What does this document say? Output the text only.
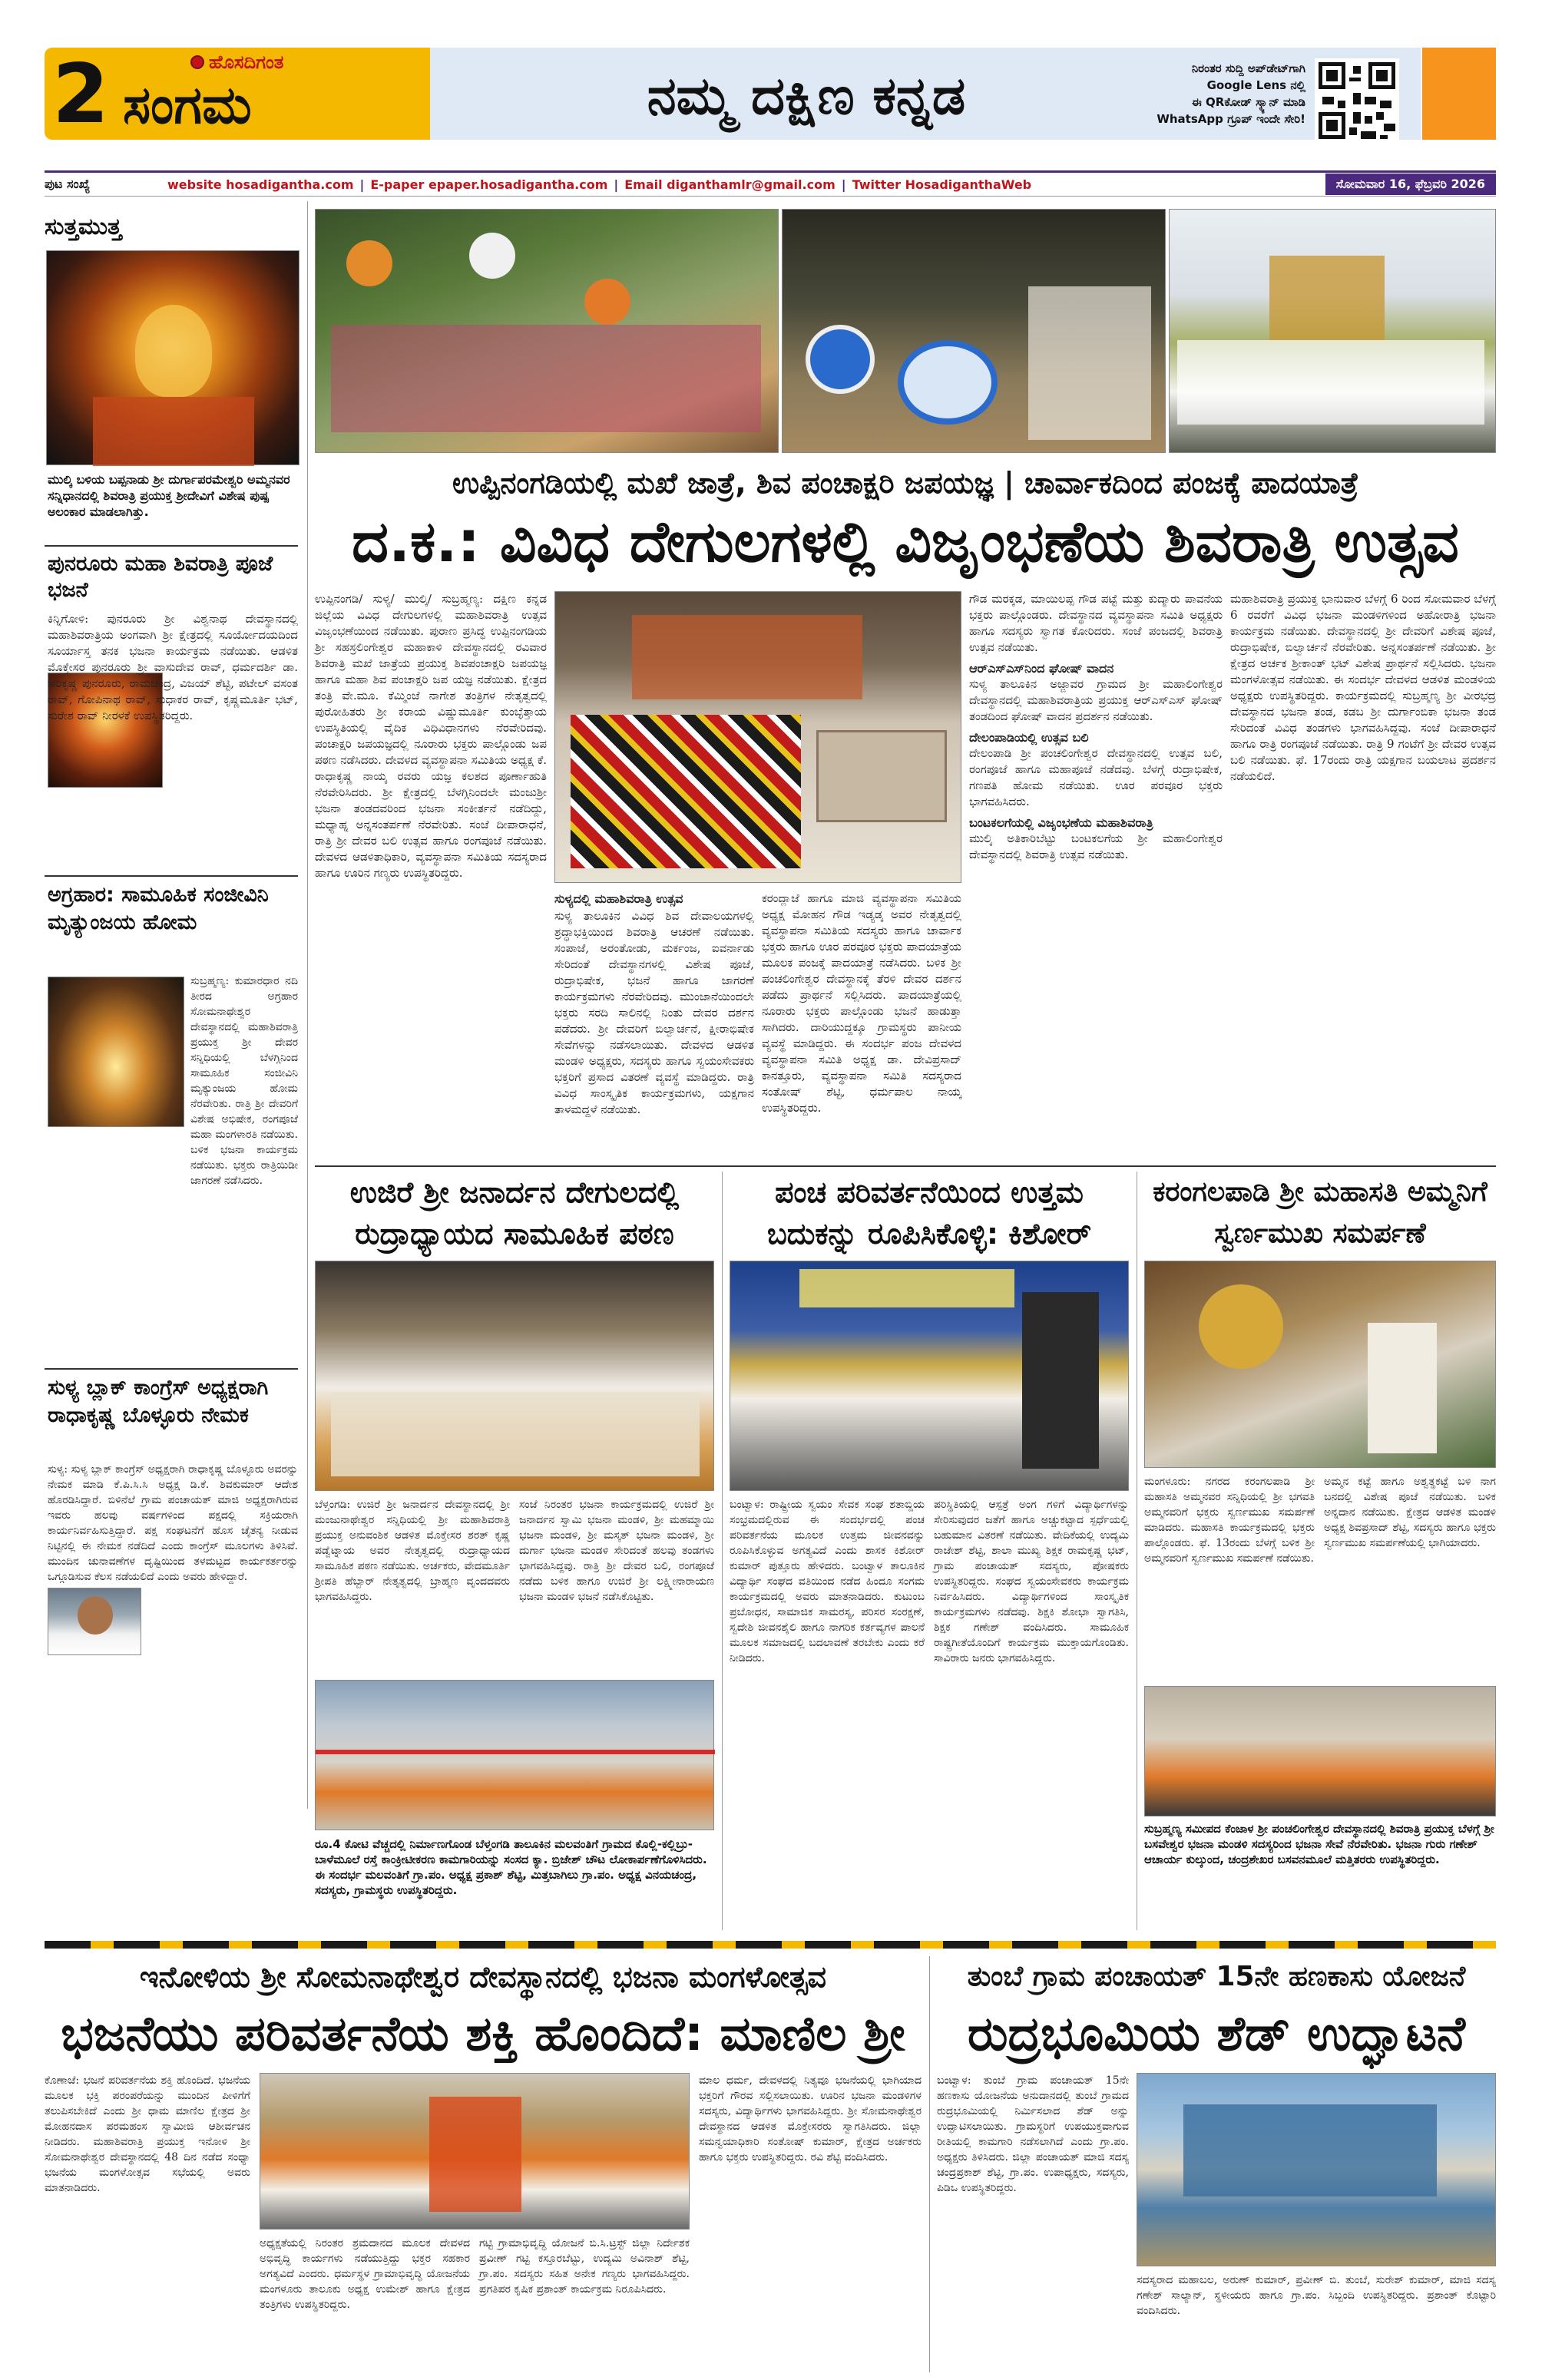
2	ಹೊಸದಿಗಂತ
ಸಂಗಮ	ನಮ್ಮ ದಕ್ಷಿಣ ಕನ್ನಡ	ನಿರಂತರ ಸುದ್ದಿ ಅಪ್‌ಡೇಟ್‌ಗಾಗಿ
Google Lens ನಲ್ಲಿ
ಈ QRಕೋಡ್ ಸ್ಕ್ಯಾನ್ ಮಾಡಿ
WhatsApp ಗ್ರೂಪ್ ಇಂದೇ ಸೇರಿ!
ಪುಟ ಸಂಖ್ಯೆ	website hosadigantha.com | E-paper epaper.hosadigantha.com | Email diganthamlr@gmail.com | Twitter HosadiganthaWeb	ಸೋಮವಾರ 16, ಫೆಬ್ರವರಿ 2026
ಸುತ್ತಮುತ್ತ
ಮುಲ್ಕಿ ಬಳಿಯ ಬಪ್ಪನಾಡು ಶ್ರೀ ದುರ್ಗಾಪರಮೇಶ್ವರಿ ಅಮ್ಮನವರ ಸನ್ನಿಧಾನದಲ್ಲಿ ಶಿವರಾತ್ರಿ ಪ್ರಯುಕ್ತ ಶ್ರೀದೇವಿಗೆ ವಿಶೇಷ ಪುಷ್ಪ ಅಲಂಕಾರ ಮಾಡಲಾಗಿತ್ತು.
ಪುನರೂರು ಮಹಾ ಶಿವರಾತ್ರಿ ಪೂಜೆ ಭಜನೆ
ಕಿನ್ನಿಗೋಳಿ: ಪುನರೂರು ಶ್ರೀ ವಿಶ್ವನಾಥ ದೇವಸ್ಥಾನದಲ್ಲಿ ಮಹಾಶಿವರಾತ್ರಿಯ ಅಂಗವಾಗಿ ಶ್ರೀ ಕ್ಷೇತ್ರದಲ್ಲಿ ಸೂರ್ಯೋದಯದಿಂದ ಸೂರ್ಯಾಸ್ತ ತನಕ ಭಜನಾ ಕಾರ್ಯಕ್ರಮ ನಡೆಯಿತು. ಆಡಳಿತ ಮೊಕ್ತೇಸರ ಪುನರೂರು ಶ್ರೀ ವಾಸುದೇವ ರಾವ್, ಧರ್ಮದರ್ಶಿ ಡಾ. ಹರಿಕೃಷ್ಣ ಪುನರೂರು, ರಾಮಚಂದ್ರ, ವಿಜಯ್ ಶೆಟ್ಟಿ, ಪಟೇಲ್ ವಸಂತ ರಾವ್, ಗೋಪಿನಾಥ ರಾವ್, ಸುಧಾಕರ ರಾವ್, ಕೃಷ್ಣಮೂರ್ತಿ ಭಟ್, ಸುರೇಶ ರಾವ್ ನೀರಳಕೆ ಉಪಸ್ಥಿತರಿದ್ದರು.
ಅಗ್ರಹಾರ: ಸಾಮೂಹಿಕ ಸಂಜೀವಿನಿ ಮೃತ್ಯುಂಜಯ ಹೋಮ
ಸುಬ್ರಹ್ಮಣ್ಯ: ಕುಮಾರಧಾರ ನದಿ ತೀರದ ಅಗ್ರಹಾರ ಸೋಮನಾಥೇಶ್ವರ ದೇವಸ್ಥಾನದಲ್ಲಿ ಮಹಾಶಿವರಾತ್ರಿ ಪ್ರಯುಕ್ತ ಶ್ರೀ ದೇವರ ಸನ್ನಿಧಿಯಲ್ಲಿ ಬೆಳಗ್ಗಿನಿಂದ ಸಾಮೂಹಿಕ ಸಂಜೀವಿನಿ ಮೃತ್ಯುಂಜಯ ಹೋಮ ನೆರವೇರಿತು. ರಾತ್ರಿ ಶ್ರೀ ದೇವರಿಗೆ ವಿಶೇಷ ಅಭಿಷೇಕ, ರಂಗಪೂಜೆ ಮಹಾ ಮಂಗಳಾರತಿ ನಡೆಯಿತು. ಬಳಿಕ ಭಜನಾ ಕಾರ್ಯಕ್ರಮ ನಡೆಯಿತು. ಭಕ್ತರು ರಾತ್ರಿಯಿಡೀ ಜಾಗರಣೆ ನಡೆಸಿದರು.
ಸುಳ್ಯ ಬ್ಲಾಕ್ ಕಾಂಗ್ರೆಸ್ ಅಧ್ಯಕ್ಷರಾಗಿ ರಾಧಾಕೃಷ್ಣ ಬೊಳ್ಳೂರು ನೇಮಕ
ಸುಳ್ಯ: ಸುಳ್ಯ ಬ್ಲಾಕ್ ಕಾಂಗ್ರೆಸ್ ಅಧ್ಯಕ್ಷರಾಗಿ ರಾಧಾಕೃಷ್ಣ ಬೊಳ್ಳೂರು ಅವರನ್ನು ನೇಮಕ ಮಾಡಿ ಕೆ.ಪಿ.ಸಿ.ಸಿ ಅಧ್ಯಕ್ಷ ಡಿ.ಕೆ. ಶಿವಕುಮಾರ್ ಆದೇಶ ಹೊರಡಿಸಿದ್ದಾರೆ. ಬಿಳಿನೆಲೆ ಗ್ರಾಮ ಪಂಚಾಯತ್ ಮಾಜಿ ಅಧ್ಯಕ್ಷರಾಗಿರುವ ಇವರು ಹಲವು ವರ್ಷಗಳಿಂದ ಪಕ್ಷದಲ್ಲಿ ಸಕ್ರಿಯರಾಗಿ ಕಾರ್ಯನಿರ್ವಹಿಸುತ್ತಿದ್ದಾರೆ. ಪಕ್ಷ ಸಂಘಟನೆಗೆ ಹೊಸ ಚೈತನ್ಯ ನೀಡುವ ನಿಟ್ಟಿನಲ್ಲಿ ಈ ನೇಮಕ ನಡೆದಿದೆ ಎಂದು ಕಾಂಗ್ರೆಸ್ ಮೂಲಗಳು ತಿಳಿಸಿವೆ. ಮುಂದಿನ ಚುನಾವಣೆಗಳ ದೃಷ್ಟಿಯಿಂದ ತಳಮಟ್ಟದ ಕಾರ್ಯಕರ್ತರನ್ನು ಒಗ್ಗೂಡಿಸುವ ಕೆಲಸ ನಡೆಯಲಿದೆ ಎಂದು ಅವರು ಹೇಳಿದ್ದಾರೆ.
ಉಪ್ಪಿನಂಗಡಿಯಲ್ಲಿ ಮಖೆ ಜಾತ್ರೆ, ಶಿವ ಪಂಚಾಕ್ಷರಿ ಜಪಯಜ್ಞ | ಚಾರ್ವಾಕದಿಂದ ಪಂಜಕ್ಕೆ ಪಾದಯಾತ್ರೆ
ದ.ಕ.: ವಿವಿಧ ದೇಗುಲಗಳಲ್ಲಿ ವಿಜೃಂಭಣೆಯ ಶಿವರಾತ್ರಿ ಉತ್ಸವ
ಉಪ್ಪಿನಂಗಡಿ/ ಸುಳ್ಯ/ ಮುಲ್ಕಿ/ ಸುಬ್ರಹ್ಮಣ್ಯ: ದಕ್ಷಿಣ ಕನ್ನಡ ಜಿಲ್ಲೆಯ ವಿವಿಧ ದೇಗುಲಗಳಲ್ಲಿ ಮಹಾಶಿವರಾತ್ರಿ ಉತ್ಸವ ವಿಜೃಂಭಣೆಯಿಂದ ನಡೆಯಿತು. ಪುರಾಣ ಪ್ರಸಿದ್ಧ ಉಪ್ಪಿನಂಗಡಿಯ ಶ್ರೀ ಸಹಸ್ರಲಿಂಗೇಶ್ವರ ಮಹಾಕಾಳಿ ದೇವಸ್ಥಾನದಲ್ಲಿ ರವಿವಾರ ಶಿವರಾತ್ರಿ ಮಖೆ ಜಾತ್ರೆಯ ಪ್ರಯುಕ್ತ ಶಿವಪಂಚಾಕ್ಷರಿ ಜಪಯಜ್ಞ ಹಾಗೂ ಮಹಾ ಶಿವ ಪಂಚಾಕ್ಷರಿ ಜಪ ಯಜ್ಞ ನಡೆಯಿತು. ಕ್ಷೇತ್ರದ ತಂತ್ರಿ ವೇ.ಮೂ. ಕೆಮ್ಮಿಂಜೆ ನಾಗೇಶ ತಂತ್ರಿಗಳ ನೇತೃತ್ವದಲ್ಲಿ ಪುರೋಹಿತರು ಶ್ರೀ ಕರಾಯ ವಿಷ್ಣುಮೂರ್ತಿ ಕುಂಬ್ಳೆತ್ತಾಯ ಉಪಸ್ಥಿತಿಯಲ್ಲಿ ವೈದಿಕ ವಿಧಿವಿಧಾನಗಳು ನೆರವೇರಿದವು. ಪಂಚಾಕ್ಷರಿ ಜಪಯಜ್ಞದಲ್ಲಿ ನೂರಾರು ಭಕ್ತರು ಪಾಲ್ಗೊಂಡು ಜಪ ಪಠಣ ನಡೆಸಿದರು. ದೇವಳದ ವ್ಯವಸ್ಥಾಪನಾ ಸಮಿತಿಯ ಅಧ್ಯಕ್ಷ ಕೆ. ರಾಧಾಕೃಷ್ಣ ನಾಯ್ಕ ರವರು ಯಜ್ಞ ಕಲಶದ ಪೂರ್ಣಾಹುತಿ ನೆರವೇರಿಸಿದರು. ಶ್ರೀ ಕ್ಷೇತ್ರದಲ್ಲಿ ಬೆಳಗ್ಗಿನಿಂದಲೇ ಮಂಜುಶ್ರೀ ಭಜನಾ ತಂಡದವರಿಂದ ಭಜನಾ ಸಂಕೀರ್ತನೆ ನಡೆದಿದ್ದು, ಮಧ್ಯಾಹ್ನ ಅನ್ನಸಂತರ್ಪಣೆ ನೆರವೇರಿತು. ಸಂಜೆ ದೀಪಾರಾಧನೆ, ರಾತ್ರಿ ಶ್ರೀ ದೇವರ ಬಲಿ ಉತ್ಸವ ಹಾಗೂ ರಂಗಪೂಜೆ ನಡೆಯಿತು. ದೇವಳದ ಆಡಳಿತಾಧಿಕಾರಿ, ವ್ಯವಸ್ಥಾಪನಾ ಸಮಿತಿಯ ಸದಸ್ಯರಾದ ಹಾಗೂ ಊರಿನ ಗಣ್ಯರು ಉಪಸ್ಥಿತರಿದ್ದರು.
ಸುಳ್ಯದಲ್ಲಿ ಮಹಾಶಿವರಾತ್ರಿ ಉತ್ಸವ
ಸುಳ್ಯ ತಾಲೂಕಿನ ವಿವಿಧ ಶಿವ ದೇವಾಲಯಗಳಲ್ಲಿ ಶ್ರದ್ಧಾಭಕ್ತಿಯಿಂದ ಶಿವರಾತ್ರಿ ಆಚರಣೆ ನಡೆಯಿತು. ಸಂಪಾಜೆ, ಅರಂತೋಡು, ಮರ್ಕಂಜ, ಐವರ್ನಾಡು ಸೇರಿದಂತೆ ದೇವಸ್ಥಾನಗಳಲ್ಲಿ ವಿಶೇಷ ಪೂಜೆ, ರುದ್ರಾಭಿಷೇಕ, ಭಜನೆ ಹಾಗೂ ಜಾಗರಣೆ ಕಾರ್ಯಕ್ರಮಗಳು ನೆರವೇರಿದವು. ಮುಂಜಾನೆಯಿಂದಲೇ ಭಕ್ತರು ಸರದಿ ಸಾಲಿನಲ್ಲಿ ನಿಂತು ದೇವರ ದರ್ಶನ ಪಡೆದರು. ಶ್ರೀ ದೇವರಿಗೆ ಬಿಲ್ವಾರ್ಚನೆ, ಕ್ಷೀರಾಭಿಷೇಕ ಸೇವೆಗಳನ್ನು ನಡೆಸಲಾಯಿತು. ದೇವಳದ ಆಡಳಿತ ಮಂಡಳಿ ಅಧ್ಯಕ್ಷರು, ಸದಸ್ಯರು ಹಾಗೂ ಸ್ವಯಂಸೇವಕರು ಭಕ್ತರಿಗೆ ಪ್ರಸಾದ ವಿತರಣೆ ವ್ಯವಸ್ಥೆ ಮಾಡಿದ್ದರು. ರಾತ್ರಿ ವಿವಿಧ ಸಾಂಸ್ಕೃತಿಕ ಕಾರ್ಯಕ್ರಮಗಳು, ಯಕ್ಷಗಾನ ತಾಳಮದ್ದಳೆ ನಡೆಯಿತು.
ಕರಂದ್ಲಾಜೆ ಹಾಗೂ ಮಾಜಿ ವ್ಯವಸ್ಥಾಪನಾ ಸಮಿತಿಯ ಅಧ್ಯಕ್ಷ ಮೋಹನ ಗೌಡ ಇಡ್ಯಡ್ಕ ಅವರ ನೇತೃತ್ವದಲ್ಲಿ ವ್ಯವಸ್ಥಾಪನಾ ಸಮಿತಿಯ ಸದಸ್ಯರು ಹಾಗೂ ಚಾರ್ವಾಕ ಭಕ್ತರು ಹಾಗೂ ಊರ ಪರವೂರ ಭಕ್ತರು ಪಾದಯಾತ್ರೆಯ ಮೂಲಕ ಪಂಜಕ್ಕೆ ಪಾದಯಾತ್ರೆ ನಡೆಸಿದರು. ಬಳಿಕ ಶ್ರೀ ಪಂಚಲಿಂಗೇಶ್ವರ ದೇವಸ್ಥಾನಕ್ಕೆ ತೆರಳಿ ದೇವರ ದರ್ಶನ ಪಡೆದು ಪ್ರಾರ್ಥನೆ ಸಲ್ಲಿಸಿದರು. ಪಾದಯಾತ್ರೆಯಲ್ಲಿ ನೂರಾರು ಭಕ್ತರು ಪಾಲ್ಗೊಂಡು ಭಜನೆ ಹಾಡುತ್ತಾ ಸಾಗಿದರು. ದಾರಿಯುದ್ದಕ್ಕೂ ಗ್ರಾಮಸ್ಥರು ಪಾನೀಯ ವ್ಯವಸ್ಥೆ ಮಾಡಿದ್ದರು. ಈ ಸಂದರ್ಭ ಪಂಜ ದೇವಳದ ವ್ಯವಸ್ಥಾಪನಾ ಸಮಿತಿ ಅಧ್ಯಕ್ಷ ಡಾ. ದೇವಿಪ್ರಸಾದ್ ಕಾನತ್ತೂರು, ವ್ಯವಸ್ಥಾಪನಾ ಸಮಿತಿ ಸದಸ್ಯರಾದ ಸಂತೋಷ್ ಶೆಟ್ಟಿ, ಧರ್ಮಪಾಲ ನಾಯ್ಕ ಉಪಸ್ಥಿತರಿದ್ದರು.
ಗೌಡ ಮರಕ್ಕಡ, ಮಾಯಿಲಪ್ಪ ಗೌಡ ಪಟ್ಟೆ ಮತ್ತು ಕುದ್ಮಾರು ಪಾವನೆಯ ಭಕ್ತರು ಪಾಲ್ಗೊಂಡರು. ದೇವಸ್ಥಾನದ ವ್ಯವಸ್ಥಾಪನಾ ಸಮಿತಿ ಅಧ್ಯಕ್ಷರು ಹಾಗೂ ಸದಸ್ಯರು ಸ್ವಾಗತ ಕೋರಿದರು. ಸಂಜೆ ಪಂಜದಲ್ಲಿ ಶಿವರಾತ್ರಿ ಉತ್ಸವ ನಡೆಯಿತು.
ಆರ್‌ಎಸ್‌ಎಸ್‌ನಿಂದ ಘೋಷ್ ವಾದನ
ಸುಳ್ಯ ತಾಲೂಕಿನ ಅಜ್ಜಾವರ ಗ್ರಾಮದ ಶ್ರೀ ಮಹಾಲಿಂಗೇಶ್ವರ ದೇವಸ್ಥಾನದಲ್ಲಿ ಮಹಾಶಿವರಾತ್ರಿಯ ಪ್ರಯುಕ್ತ ಆರ್‌ಎಸ್‌ಎಸ್ ಘೋಷ್ ತಂಡದಿಂದ ಘೋಷ್ ವಾದನ ಪ್ರದರ್ಶನ ನಡೆಯಿತು.
ದೇಲಂಪಾಡಿಯಲ್ಲಿ ಉತ್ಸವ ಬಲಿ
ದೇಲಂಪಾಡಿ ಶ್ರೀ ಪಂಚಲಿಂಗೇಶ್ವರ ದೇವಸ್ಥಾನದಲ್ಲಿ ಉತ್ಸವ ಬಲಿ, ರಂಗಪೂಜೆ ಹಾಗೂ ಮಹಾಪೂಜೆ ನಡೆದವು. ಬೆಳಗ್ಗೆ ರುದ್ರಾಭಿಷೇಕ, ಗಣಪತಿ ಹೋಮ ನಡೆಯಿತು. ಊರ ಪರವೂರ ಭಕ್ತರು ಭಾಗವಹಿಸಿದರು.
ಬಂಟಕಲಗೆಯಲ್ಲಿ ವಿಜೃಂಭಣೆಯ ಮಹಾಶಿವರಾತ್ರಿ
ಮುಲ್ಕಿ ಅತಿಕಾರಿಬೆಟ್ಟು ಬಂಟಕಲಗೆಯ ಶ್ರೀ ಮಹಾಲಿಂಗೇಶ್ವರ ದೇವಸ್ಥಾನದಲ್ಲಿ ಶಿವರಾತ್ರಿ ಉತ್ಸವ ನಡೆಯಿತು.
ಮಹಾಶಿವರಾತ್ರಿ ಪ್ರಯುಕ್ತ ಭಾನುವಾರ ಬೆಳಗ್ಗೆ 6 ರಿಂದ ಸೋಮವಾರ ಬೆಳಗ್ಗೆ 6 ರವರೆಗೆ ವಿವಿಧ ಭಜನಾ ಮಂಡಳಿಗಳಿಂದ ಅಹೋರಾತ್ರಿ ಭಜನಾ ಕಾರ್ಯಕ್ರಮ ನಡೆಯಿತು. ದೇವಸ್ಥಾನದಲ್ಲಿ ಶ್ರೀ ದೇವರಿಗೆ ವಿಶೇಷ ಪೂಜೆ, ರುದ್ರಾಭಿಷೇಕ, ಬಿಲ್ವಾರ್ಚನೆ ನೆರವೇರಿತು. ಅನ್ನಸಂತರ್ಪಣೆ ನಡೆಯಿತು. ಶ್ರೀ ಕ್ಷೇತ್ರದ ಅರ್ಚಕ ಶ್ರೀಕಾಂತ್ ಭಟ್ ವಿಶೇಷ ಪ್ರಾರ್ಥನೆ ಸಲ್ಲಿಸಿದರು. ಭಜನಾ ಮಂಗಳೋತ್ಸವ ನಡೆಯಿತು. ಈ ಸಂದರ್ಭ ದೇವಳದ ಆಡಳಿತ ಮಂಡಳಿಯ ಅಧ್ಯಕ್ಷರು ಉಪಸ್ಥಿತರಿದ್ದರು. ಕಾರ್ಯಕ್ರಮದಲ್ಲಿ ಸುಬ್ರಹ್ಮಣ್ಯ ಶ್ರೀ ವೀರಭದ್ರ ದೇವಸ್ಥಾನದ ಭಜನಾ ತಂಡ, ಕಡಬ ಶ್ರೀ ದುರ್ಗಾಂಬಿಕಾ ಭಜನಾ ತಂಡ ಸೇರಿದಂತೆ ವಿವಿಧ ತಂಡಗಳು ಭಾಗವಹಿಸಿದ್ದವು. ಸಂಜೆ ದೀಪಾರಾಧನೆ ಹಾಗೂ ರಾತ್ರಿ ರಂಗಪೂಜೆ ನಡೆಯಿತು. ರಾತ್ರಿ 9 ಗಂಟೆಗೆ ಶ್ರೀ ದೇವರ ಉತ್ಸವ ಬಲಿ ನಡೆಯಿತು. ಫೆ. 17ರಂದು ರಾತ್ರಿ ಯಕ್ಷಗಾನ ಬಯಲಾಟ ಪ್ರದರ್ಶನ ನಡೆಯಲಿದೆ.
ಉಜಿರೆ ಶ್ರೀ ಜನಾರ್ದನ ದೇಗುಲದಲ್ಲಿ ರುದ್ರಾಧ್ಯಾಯದ ಸಾಮೂಹಿಕ ಪಠಣ
ಬೆಳ್ತಂಗಡಿ: ಉಜಿರೆ ಶ್ರೀ ಜನಾರ್ದನ ದೇವಸ್ಥಾನದಲ್ಲಿ ಶ್ರೀ ಮಂಜುನಾಥೇಶ್ವರ ಸನ್ನಿಧಿಯಲ್ಲಿ ಶ್ರೀ ಮಹಾಶಿವರಾತ್ರಿ ಪ್ರಯುಕ್ತ ಅನುವಂಶಿಕ ಆಡಳಿತ ಮೊಕ್ತೇಸರ ಶರತ್ ಕೃಷ್ಣ ಪಡ್ವೆಟ್ನಾಯ ಅವರ ನೇತೃತ್ವದಲ್ಲಿ ರುದ್ರಾಧ್ಯಾಯದ ಸಾಮೂಹಿಕ ಪಠಣ ನಡೆಯಿತು. ಅರ್ಚಕರು, ವೇದಮೂರ್ತಿ ಶ್ರೀಪತಿ ಹೆಬ್ಬಾರ್ ನೇತೃತ್ವದಲ್ಲಿ ಬ್ರಾಹ್ಮಣ ವೃಂದದವರು ಭಾಗವಹಿಸಿದ್ದರು.
ಸಂಜೆ ನಿರಂತರ ಭಜನಾ ಕಾರ್ಯಕ್ರಮದಲ್ಲಿ ಉಜಿರೆ ಶ್ರೀ ಜನಾರ್ದನ ಸ್ವಾಮಿ ಭಜನಾ ಮಂಡಳಿ, ಶ್ರೀ ಮಹಮ್ಮಾಯಿ ಭಜನಾ ಮಂಡಳಿ, ಶ್ರೀ ಮಸ್ಕತ್ ಭಜನಾ ಮಂಡಳಿ, ಶ್ರೀ ದುರ್ಗಾ ಭಜನಾ ಮಂಡಳಿ ಸೇರಿದಂತೆ ಹಲವು ತಂಡಗಳು ಭಾಗವಹಿಸಿದ್ದವು. ರಾತ್ರಿ ಶ್ರೀ ದೇವರ ಬಲಿ, ರಂಗಪೂಜೆ ನಡೆದು ಬಳಿಕ ಹಾಗೂ ಉಜಿರೆ ಶ್ರೀ ಲಕ್ಷ್ಮೀನಾರಾಯಣ ಭಜನಾ ಮಂಡಳಿ ಭಜನೆ ನಡೆಸಿಕೊಟ್ಟಿತು.
ರೂ.4 ಕೋಟಿ ವೆಚ್ಚದಲ್ಲಿ ನಿರ್ಮಾಣಗೊಂಡ ಬೆಳ್ತಂಗಡಿ ತಾಲೂಕಿನ ಮಲವಂತಿಗೆ ಗ್ರಾಮದ ಕೊಲ್ಲಿ-ಕಲ್ಲಿಬ್ರು-ಬಾಳೆಮೂಲೆ ರಸ್ತೆ ಕಾಂಕ್ರೀಟೀಕರಣ ಕಾಮಗಾರಿಯನ್ನು ಸಂಸದ ಕ್ಯಾ. ಬ್ರಿಜೇಶ್ ಚೌಟ ಲೋಕಾರ್ಪಣೆಗೊಳಿಸಿದರು. ಈ ಸಂದರ್ಭ ಮಲವಂತಿಗೆ ಗ್ರಾ.ಪಂ. ಅಧ್ಯಕ್ಷ ಪ್ರಕಾಶ್ ಶೆಟ್ಟಿ, ಮಿತ್ತಬಾಗಿಲು ಗ್ರಾ.ಪಂ. ಅಧ್ಯಕ್ಷ ವಿನಯಚಂದ್ರ, ಸದಸ್ಯರು, ಗ್ರಾಮಸ್ಥರು ಉಪಸ್ಥಿತರಿದ್ದರು.
ಪಂಚ ಪರಿವರ್ತನೆಯಿಂದ ಉತ್ತಮ ಬದುಕನ್ನು ರೂಪಿಸಿಕೊಳ್ಳಿ: ಕಿಶೋರ್
ಬಂಟ್ವಾಳ: ರಾಷ್ಟ್ರೀಯ ಸ್ವಯಂ ಸೇವಕ ಸಂಘ ಶತಾಬ್ದಿಯ ಸಂಭ್ರಮದಲ್ಲಿರುವ ಈ ಸಂದರ್ಭದಲ್ಲಿ ಪಂಚ ಪರಿವರ್ತನೆಯ ಮೂಲಕ ಉತ್ತಮ ಜೀವನವನ್ನು ರೂಪಿಸಿಕೊಳ್ಳುವ ಅಗತ್ಯವಿದೆ ಎಂದು ಶಾಸಕ ಕಿಶೋರ್ ಕುಮಾರ್ ಪುತ್ತೂರು ಹೇಳಿದರು. ಬಂಟ್ವಾಳ ತಾಲೂಕಿನ ವಿದ್ಯಾರ್ಥಿ ಸಂಘದ ವತಿಯಿಂದ ನಡೆದ ಹಿಂದೂ ಸಂಗಮ ಕಾರ್ಯಕ್ರಮದಲ್ಲಿ ಅವರು ಮಾತನಾಡಿದರು. ಕುಟುಂಬ ಪ್ರಬೋಧನ, ಸಾಮಾಜಿಕ ಸಾಮರಸ್ಯ, ಪರಿಸರ ಸಂರಕ್ಷಣೆ, ಸ್ವದೇಶಿ ಜೀವನಶೈಲಿ ಹಾಗೂ ನಾಗರಿಕ ಕರ್ತವ್ಯಗಳ ಪಾಲನೆ ಮೂಲಕ ಸಮಾಜದಲ್ಲಿ ಬದಲಾವಣೆ ತರಬೇಕು ಎಂದು ಕರೆ ನೀಡಿದರು.
ಪರಿಸ್ಥಿತಿಯಲ್ಲಿ ಆಸ್ಪತ್ರೆ ಅಂಗ ಗಳಿಗೆ ವಿದ್ಯಾರ್ಥಿಗಳನ್ನು ಸೇರಿಸುವುದರ ಜತೆಗೆ ಹಾಗೂ ಅಚ್ಚುಕಟ್ಟಾದ ಸ್ಪರ್ಧೆಯಲ್ಲಿ ಬಹುಮಾನ ವಿತರಣೆ ನಡೆಯಿತು. ವೇದಿಕೆಯಲ್ಲಿ ಉದ್ಯಮಿ ರಾಜೇಶ್ ಶೆಟ್ಟಿ, ಶಾಲಾ ಮುಖ್ಯ ಶಿಕ್ಷಕ ರಾಮಕೃಷ್ಣ ಭಟ್, ಗ್ರಾಮ ಪಂಚಾಯತ್ ಸದಸ್ಯರು, ಪೋಷಕರು ಉಪಸ್ಥಿತರಿದ್ದರು. ಸಂಘದ ಸ್ವಯಂಸೇವಕರು ಕಾರ್ಯಕ್ರಮ ನಿರ್ವಹಿಸಿದರು. ವಿದ್ಯಾರ್ಥಿಗಳಿಂದ ಸಾಂಸ್ಕೃತಿಕ ಕಾರ್ಯಕ್ರಮಗಳು ನಡೆದವು. ಶಿಕ್ಷಕಿ ಶೋಭಾ ಸ್ವಾಗತಿಸಿ, ಶಿಕ್ಷಕ ಗಣೇಶ್ ವಂದಿಸಿದರು. ಸಾಮೂಹಿಕ ರಾಷ್ಟ್ರಗೀತೆಯೊಂದಿಗೆ ಕಾರ್ಯಕ್ರಮ ಮುಕ್ತಾಯಗೊಂಡಿತು. ಸಾವಿರಾರು ಜನರು ಭಾಗವಹಿಸಿದ್ದರು.
ಕರಂಗಲಪಾಡಿ ಶ್ರೀ ಮಹಾಸತಿ ಅಮ್ಮನಿಗೆ ಸ್ವರ್ಣಮುಖ ಸಮರ್ಪಣೆ
ಮಂಗಳೂರು: ನಗರದ ಕರಂಗಲಪಾಡಿ ಶ್ರೀ ಮಹಾಸತಿ ಅಮ್ಮನವರ ಸನ್ನಿಧಿಯಲ್ಲಿ ಶ್ರೀ ಭಗವತಿ ಅಮ್ಮನವರಿಗೆ ಭಕ್ತರು ಸ್ವರ್ಣಮುಖ ಸಮರ್ಪಣೆ ಮಾಡಿದರು. ಮಹಾಸತಿ ಕಾರ್ಯಕ್ರಮದಲ್ಲಿ ಭಕ್ತರು ಪಾಲ್ಗೊಂಡರು. ಫೆ. 13ರಂದು ಬೆಳಗ್ಗೆ ಬಳಿಕ ಶ್ರೀ ಅಮ್ಮನವರಿಗೆ ಸ್ವರ್ಣಮುಖ ಸಮರ್ಪಣೆ ನಡೆಯಿತು.
ಅಮ್ಮನ ಕಟ್ಟೆ ಹಾಗೂ ಅಶ್ವತ್ಥಕಟ್ಟೆ ಬಳಿ ನಾಗ ಬನದಲ್ಲಿ ವಿಶೇಷ ಪೂಜೆ ನಡೆಯಿತು. ಬಳಿಕ ಅನ್ನದಾನ ನಡೆಯಿತು. ಕ್ಷೇತ್ರದ ಆಡಳಿತ ಮಂಡಳಿ ಅಧ್ಯಕ್ಷ ಶಿವಪ್ರಸಾದ್ ಶೆಟ್ಟಿ, ಸದಸ್ಯರು ಹಾಗೂ ಭಕ್ತರು ಸ್ವರ್ಣಮುಖ ಸಮರ್ಪಣೆಯಲ್ಲಿ ಭಾಗಿಯಾದರು.
ಸುಬ್ರಹ್ಮಣ್ಯ ಸಮೀಪದ ಕೆಂಜಾಳ ಶ್ರೀ ಪಂಚಲಿಂಗೇಶ್ವರ ದೇವಸ್ಥಾನದಲ್ಲಿ ಶಿವರಾತ್ರಿ ಪ್ರಯುಕ್ತ ಬೆಳಗ್ಗೆ ಶ್ರೀ ಬಸವೇಶ್ವರ ಭಜನಾ ಮಂಡಳಿ ಸದಸ್ಯರಿಂದ ಭಜನಾ ಸೇವೆ ನೆರವೇರಿತು. ಭಜನಾ ಗುರು ಗಣೇಶ್ ಆಚಾರ್ಯ ಕುಲ್ಕುಂದ, ಚಂದ್ರಶೇಖರ ಬಸವನಮೂಲೆ ಮತ್ತಿತರರು ಉಪಸ್ಥಿತರಿದ್ದರು.
ಇನೋಳಿಯ ಶ್ರೀ ಸೋಮನಾಥೇಶ್ವರ ದೇವಸ್ಥಾನದಲ್ಲಿ ಭಜನಾ ಮಂಗಳೋತ್ಸವ
ಭಜನೆಯು ಪರಿವರ್ತನೆಯ ಶಕ್ತಿ ಹೊಂದಿದೆ: ಮಾಣಿಲ ಶ್ರೀ
ಕೊಣಾಜೆ: ಭಜನೆ ಪರಿವರ್ತನೆಯ ಶಕ್ತಿ ಹೊಂದಿದೆ. ಭಜನೆಯ ಮೂಲಕ ಭಕ್ತಿ ಪರಂಪರೆಯನ್ನು ಮುಂದಿನ ಪೀಳಿಗೆಗೆ ತಲುಪಿಸಬೇಕಿದೆ ಎಂದು ಶ್ರೀ ಧಾಮ ಮಾಣಿಲ ಕ್ಷೇತ್ರದ ಶ್ರೀ ಮೋಹನದಾಸ ಪರಮಹಂಸ ಸ್ವಾಮೀಜಿ ಆಶೀರ್ವಚನ ನೀಡಿದರು. ಮಹಾಶಿವರಾತ್ರಿ ಪ್ರಯುಕ್ತ ಇನೋಳಿ ಶ್ರೀ ಸೋಮನಾಥೇಶ್ವರ ದೇವಸ್ಥಾನದಲ್ಲಿ 48 ದಿನ ನಡೆದ ಸಂಧ್ಯಾ ಭಜನೆಯ ಮಂಗಳೋತ್ಸವ ಸಭೆಯಲ್ಲಿ ಅವರು ಮಾತನಾಡಿದರು.
ಅಧ್ಯಕ್ಷತೆಯಲ್ಲಿ ನಿರಂತರ ಶ್ರಮದಾನದ ಮೂಲಕ ದೇವಳದ ಅಭಿವೃದ್ಧಿ ಕಾರ್ಯಗಳು ನಡೆಯುತ್ತಿದ್ದು ಭಕ್ತರ ಸಹಕಾರ ಅಗತ್ಯವಿದೆ ಎಂದರು. ಧರ್ಮಸ್ಥಳ ಗ್ರಾಮಾಭಿವೃದ್ಧಿ ಯೋಜನೆಯ ಮಂಗಳೂರು ತಾಲೂಕು ಅಧ್ಯಕ್ಷ ಉಮೇಶ್ ಹಾಗೂ ಕ್ಷೇತ್ರದ ತಂತ್ರಿಗಳು ಉಪಸ್ಥಿತರಿದ್ದರು.
ಗಟ್ಟಿ ಗ್ರಾಮಾಭಿವೃದ್ಧಿ ಯೋಜನೆ ಬಿ.ಸಿ.ಟ್ರಸ್ಟ್ ಜಿಲ್ಲಾ ನಿರ್ದೇಶಕ ಪ್ರವೀಣ್ ಗಟ್ಟಿ ಕಸ್ತೂರಬೆಟ್ಟು, ಉದ್ಯಮಿ ಅವಿನಾಶ್ ಶೆಟ್ಟಿ, ಗ್ರಾ.ಪಂ. ಸದಸ್ಯರು ಸಹಿತ ಅನೇಕ ಗಣ್ಯರು ಭಾಗವಹಿಸಿದ್ದರು. ಪ್ರಗತಿಪರ ಕೃಷಿಕ ಪ್ರಶಾಂತ್ ಕಾರ್ಯಕ್ರಮ ನಿರೂಪಿಸಿದರು.
ಮಾಲ ಧರ್ಮ, ದೇವಳದಲ್ಲಿ ನಿತ್ಯವೂ ಭಜನೆಯಲ್ಲಿ ಭಾಗಿಯಾದ ಭಕ್ತರಿಗೆ ಗೌರವ ಸಲ್ಲಿಸಲಾಯಿತು. ಊರಿನ ಭಜನಾ ಮಂಡಳಿಗಳ ಸದಸ್ಯರು, ವಿದ್ಯಾರ್ಥಿಗಳು ಭಾಗವಹಿಸಿದ್ದರು. ಶ್ರೀ ಸೋಮನಾಥೇಶ್ವರ ದೇವಸ್ಥಾನದ ಆಡಳಿತ ಮೊಕ್ತೇಸರರು ಸ್ವಾಗತಿಸಿದರು. ಜಿಲ್ಲಾ ಸಮನ್ವಯಾಧಿಕಾರಿ ಸಂತೋಷ್ ಕುಮಾರ್, ಕ್ಷೇತ್ರದ ಅರ್ಚಕರು ಹಾಗೂ ಭಕ್ತರು ಉಪಸ್ಥಿತರಿದ್ದರು. ರವಿ ಶೆಟ್ಟಿ ವಂದಿಸಿದರು.
ತುಂಬೆ ಗ್ರಾಮ ಪಂಚಾಯತ್ 15ನೇ ಹಣಕಾಸು ಯೋಜನೆ
ರುದ್ರಭೂಮಿಯ ಶೆಡ್ ಉದ್ಘಾಟನೆ
ಬಂಟ್ವಾಳ: ತುಂಬೆ ಗ್ರಾಮ ಪಂಚಾಯತ್ 15ನೇ ಹಣಕಾಸು ಯೋಜನೆಯ ಅನುದಾನದಲ್ಲಿ ತುಂಬೆ ಗ್ರಾಮದ ರುದ್ರಭೂಮಿಯಲ್ಲಿ ನಿರ್ಮಿಸಲಾದ ಶೆಡ್ ಅನ್ನು ಉದ್ಘಾಟಿಸಲಾಯಿತು. ಗ್ರಾಮಸ್ಥರಿಗೆ ಉಪಯುಕ್ತವಾಗುವ ರೀತಿಯಲ್ಲಿ ಕಾಮಗಾರಿ ನಡೆಸಲಾಗಿದೆ ಎಂದು ಗ್ರಾ.ಪಂ. ಅಧ್ಯಕ್ಷರು ತಿಳಿಸಿದರು. ಜಿಲ್ಲಾ ಪಂಚಾಯತ್ ಮಾಜಿ ಸದಸ್ಯ ಚಂದ್ರಪ್ರಕಾಶ್ ಶೆಟ್ಟಿ, ಗ್ರಾ.ಪಂ. ಉಪಾಧ್ಯಕ್ಷರು, ಸದಸ್ಯರು, ಪಿಡಿಒ ಉಪಸ್ಥಿತರಿದ್ದರು.
ಸದಸ್ಯರಾದ ಮಹಾಬಲ, ಅರುಣ್ ಕುಮಾರ್, ಪ್ರವೀಣ್ ಬಿ. ತುಂಬೆ, ಸುರೇಶ್ ಕುಮಾರ್, ಮಾಜಿ ಸದಸ್ಯ ಗಣೇಶ್ ಸಾಲ್ಯಾನ್, ಸ್ಥಳೀಯರು ಹಾಗೂ ಗ್ರಾ.ಪಂ. ಸಿಬ್ಬಂದಿ ಉಪಸ್ಥಿತರಿದ್ದರು. ಪ್ರಶಾಂತ್ ಕೊಟ್ಟಾರಿ ವಂದಿಸಿದರು.
